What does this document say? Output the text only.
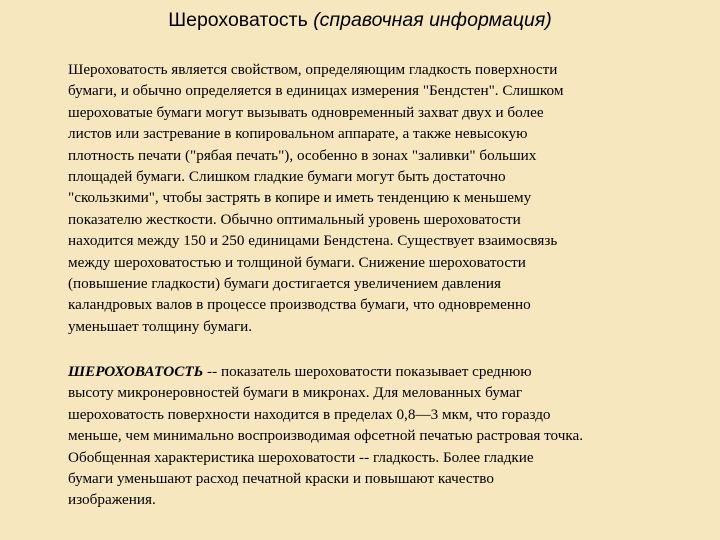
Шероховатость (справочная информация)
Шероховатость является свойством, определяющим гладкость поверхности
бумаги, и обычно определяется в единицах измерения "Бендстен". Слишком
шероховатые бумаги могут вызывать одновременный захват двух и более
листов или застревание в копировальном аппарате, а также невысокую
плотность печати ("рябая печать"), особенно в зонах "заливки" больших
площадей бумаги. Слишком гладкие бумаги могут быть достаточно
"скользкими", чтобы застрять в копире и иметь тенденцию к меньшему
показателю жесткости. Обычно оптимальный уровень шероховатости
находится между 150 и 250 единицами Бендстена. Существует взаимосвязь
между шероховатостью и толщиной бумаги. Снижение шероховатости
(повышение гладкости) бумаги достигается увеличением давления
каландровых валов в процессе производства бумаги, что одновременно
уменьшает толщину бумаги.
ШЕРОХОВАТОСТЬ -- показатель шероховатости показывает среднюю
высоту микронеровностей бумаги в микронах. Для мелованных бумаг
шероховатость поверхности находится в пределах 0,8—3 мкм, что гораздо
меньше, чем минимально воспроизводимая офсетной печатью растровая точка.
Обобщенная характеристика шероховатости -- гладкость. Более гладкие
бумаги уменьшают расход печатной краски и повышают качество
изображения.
